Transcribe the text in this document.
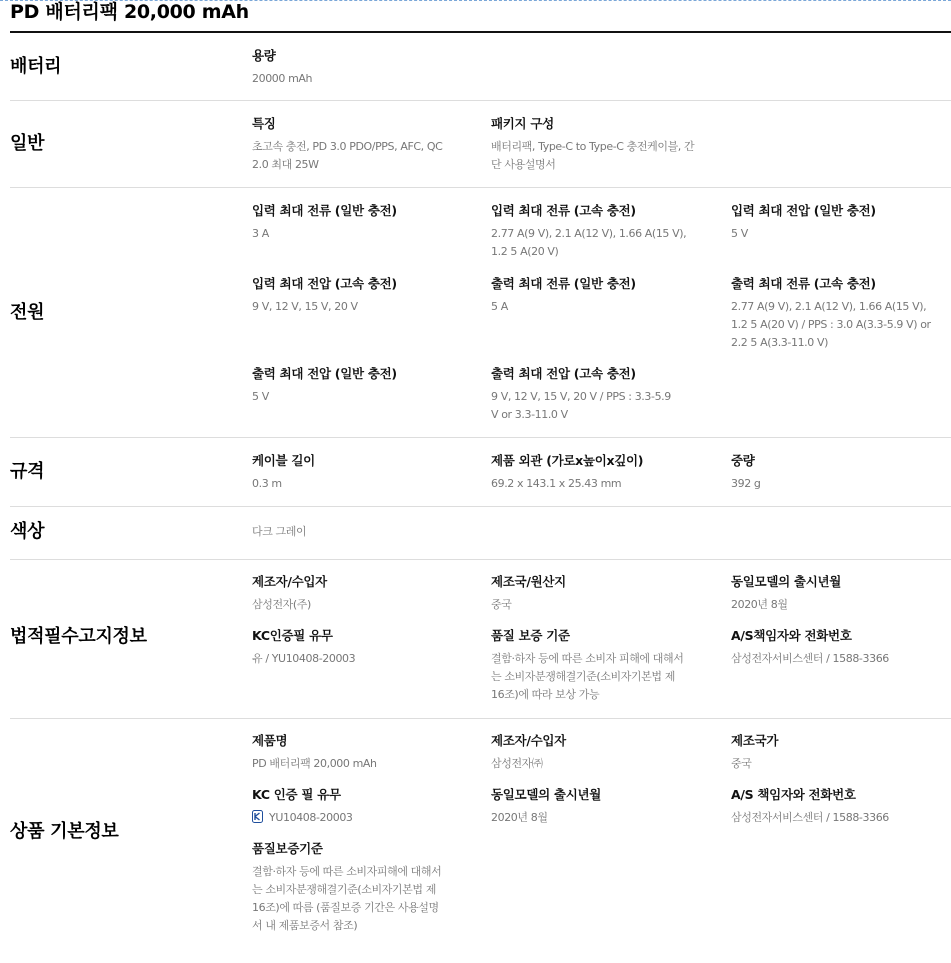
PD 배터리팩 20,000 mAh
배터리
용량
20000 mAh
일반
특징
초고속 충전, PD 3.0 PDO/PPS, AFC, QC 2.0 최대 25W
패키지 구성
배터리팩, Type-C to Type-C 충전케이블, 간단 사용설명서
전원
입력 최대 전류 (일반 충전)
3 A
입력 최대 전류 (고속 충전)
2.77 A(9 V), 2.1 A(12 V), 1.66 A(15 V), 1.2 5 A(20 V)
입력 최대 전압 (일반 충전)
5 V
입력 최대 전압 (고속 충전)
9 V, 12 V, 15 V, 20 V
출력 최대 전류 (일반 충전)
5 A
출력 최대 전류 (고속 충전)
2.77 A(9 V), 2.1 A(12 V), 1.66 A(15 V), 1.2 5 A(20 V) / PPS : 3.0 A(3.3-5.9 V) or 2.2 5 A(3.3-11.0 V)
출력 최대 전압 (일반 충전)
5 V
출력 최대 전압 (고속 충전)
9 V, 12 V, 15 V, 20 V / PPS : 3.3-5.9 V or 3.3-11.0 V
규격
케이블 길이
0.3 m
제품 외관 (가로x높이x깊이)
69.2 x 143.1 x 25.43 mm
중량
392 g
색상	다크 그레이
법적필수고지정보
제조자/수입자
삼성전자(주)
제조국/원산지
중국
동일모델의 출시년월
2020년 8월
KC인증필 유무
유 / YU10408-20003
품질 보증 기준
결함·하자 등에 따른 소비자 피해에 대해서는 소비자분쟁해결기준(소비자기본법 제16조)에 따라 보상 가능
A/S책임자와 전화번호
삼성전자서비스센터 / 1588-3366
상품 기본정보
제품명
PD 배터리팩 20,000 mAh
제조자/수입자
삼성전자㈜
제조국가
중국
KC 인증 필 유무
YU10408-20003
동일모델의 출시년월
2020년 8월
A/S 책임자와 전화번호
삼성전자서비스센터 / 1588-3366
품질보증기준
결함·하자 등에 따른 소비자피해에 대해서는 소비자분쟁해결기준(소비자기본법 제16조)에 따름 (품질보증 기간은 사용설명서 내 제품보증서 참조)
